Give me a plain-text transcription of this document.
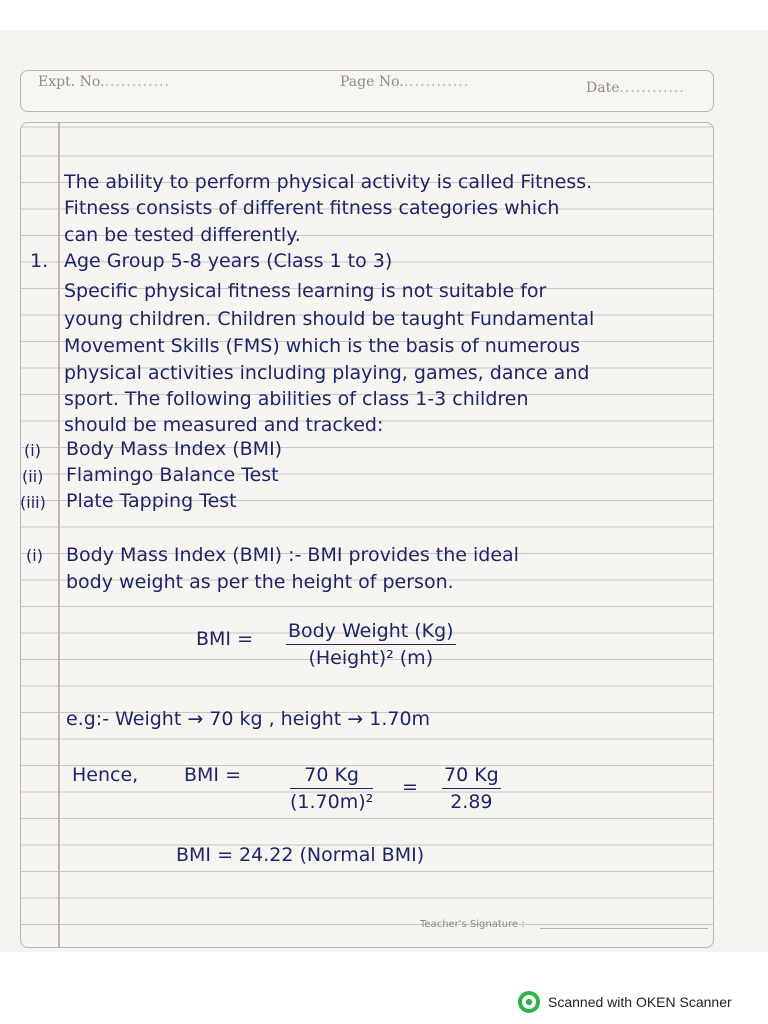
Expt. No.............	Page No.............	Date............
The ability to perform physical activity is called Fitness.
Fitness consists of different fitness categories which
can be tested differently.
1. Age Group 5-8 years (Class 1 to 3)
Specific physical fitness learning is not suitable for
young children. Children should be taught Fundamental
Movement Skills (FMS) which is the basis of numerous
physical activities including playing, games, dance and
sport. The following abilities of class 1-3 children
should be measured and tracked:
(i) Body Mass Index (BMI)
(ii) Flamingo Balance Test
(iii) Plate Tapping Test
(i) Body Mass Index (BMI) :- BMI provides the ideal
body weight as per the height of person.
BMI = Body Weight (Kg)
(Height)² (m)
e.g:- Weight → 70 kg , height → 1.70m
Hence, BMI =	$\frac{70 Kg}{\text{(1.70m)²}} = \frac{70 Kg}{2.89}$
BMI = 24.22 (Normal BMI)
Teacher's Signature :
Scanned with OKEN Scanner
